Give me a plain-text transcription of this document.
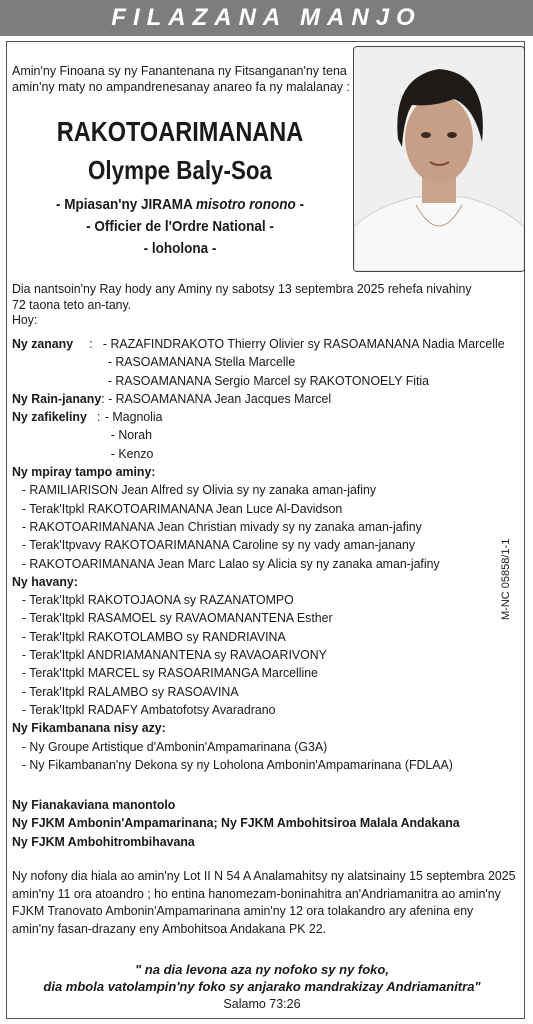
FILAZANA MANJO
Amin'ny Finoana sy ny Fanantenana ny Fitsanganan'ny tena amin'ny maty no ampandrenesanay anareo fa ny malalanay :
RAKOTOARIMANANA
Olympe Baly-Soa
- Mpiasan'ny JIRAMA misotro ronono -
- Officier de l'Ordre National -
- loholona -
Dia nantsoin'ny Ray hody any Aminy ny sabotsy 13 septembra 2025 rehefa nivahiny
72 taona teto an-tany.
Hoy:
Ny zanany : - RAZAFINDRAKOTO Thierry Olivier sy RASOAMANANA Nadia Marcelle
- RASOAMANANA Stella Marcelle
- RASOAMANANA Sergio Marcel sy RAKOTONOELY Fitia
Ny Rain-janany: - RASOAMANANA Jean Jacques Marcel
Ny zafikeliny : - Magnolia
- Norah
- Kenzo
Ny mpiray tampo aminy:
- RAMILIARISON Jean Alfred sy Olivia sy ny zanaka aman-jafiny
- Terak'Itpkl RAKOTOARIMANANA Jean Luce Al-Davidson
- RAKOTOARIMANANA Jean Christian mivady sy ny zanaka aman-jafiny
- Terak'Itpvavy RAKOTOARIMANANA Caroline sy ny vady aman-janany
- RAKOTOARIMANANA Jean Marc Lalao sy Alicia sy ny zanaka aman-jafiny
Ny havany:
- Terak'Itpkl RAKOTOJAONA sy RAZANATOMPO
- Terak'Itpkl RASAMOEL sy RAVAOMANANTENA Esther
- Terak'Itpkl RAKOTOLAMBO sy RANDRIAVINA
- Terak'Itpkl ANDRIAMANANTENA sy RAVAOARIVONY
- Terak'Itpkl MARCEL sy RASOARIMANGA Marcelline
- Terak'Itpkl RALAMBO sy RASOAVINA
- Terak'Itpkl RADAFY Ambatofotsy Avaradrano
Ny Fikambanana nisy azy:
- Ny Groupe Artistique d'Ambonin'Ampamarinana (G3A)
- Ny Fikambanan'ny Dekona sy ny Loholona Ambonin'Ampamarinana (FDLAA)
M-NC 05858/1-1
Ny Fianakaviana manontolo
Ny FJKM Ambonin'Ampamarinana; Ny FJKM Ambohitsiroa Malala Andakana
Ny FJKM Ambohitrombihavana
Ny nofony dia hiala ao amin'ny Lot II N 54 A Analamahitsy ny alatsinainy 15 septembra 2025
amin'ny 11 ora atoandro ; ho entina hanomezam-boninahitra an'Andriamanitra ao amin'ny
FJKM Tranovato Ambonin'Ampamarinana amin'ny 12 ora tolakandro ary afenina eny
amin'ny fasan-drazany eny Ambohitsoa Andakana PK 22.
" na dia levona aza ny nofoko sy ny foko,
dia mbola vatolampin'ny foko sy anjarako mandrakizay Andriamanitra"
Salamo 73:26
